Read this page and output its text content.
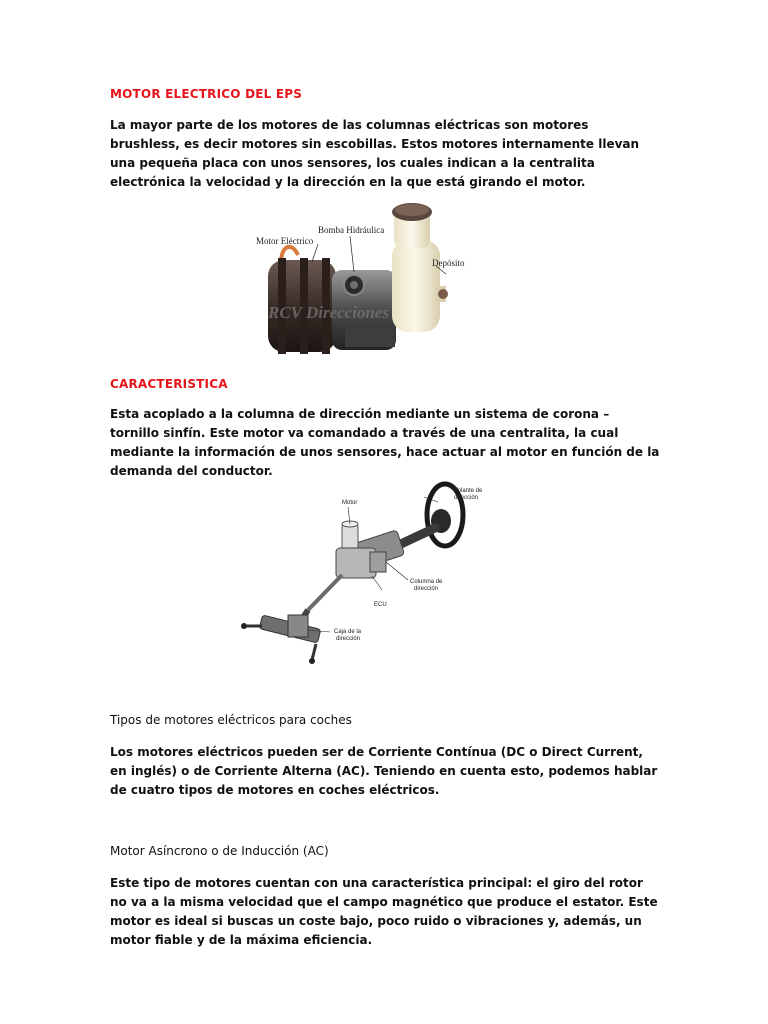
MOTOR ELECTRICO DEL EPS

La mayor parte de los motores de las columnas eléctricas son motores brushless, es decir motores sin escobillas. Estos motores internamente llevan una pequeña placa con unos sensores, los cuales indican a la centralita electrónica la velocidad y la dirección en la que está girando el motor.

Motor Eléctrico
Bomba Hidráulica
Depósito
RCV Direcciones
CARACTERISTICA

Esta acoplado a la columna de dirección mediante un sistema de corona – tornillo sinfín. Este motor va comandado a través de una centralita, la cual mediante la información de unos sensores, hace actuar al motor en función de la demanda del conductor.

Motor
Volante de
dirección
Columna de
dirección
ECU
Caja de la
dirección
Tipos de motores eléctricos para coches

Los motores eléctricos pueden ser de Corriente Contínua (DC o Direct Current, en inglés) o de Corriente Alterna (AC). Teniendo en cuenta esto, podemos hablar de cuatro tipos de motores en coches eléctricos.

Motor Asíncrono o de Inducción (AC)

Este tipo de motores cuentan con una característica principal: el giro del rotor no va a la misma velocidad que el campo magnético que produce el estator. Este motor es ideal si buscas un coste bajo, poco ruido o vibraciones y, además, un motor fiable y de la máxima eficiencia.
